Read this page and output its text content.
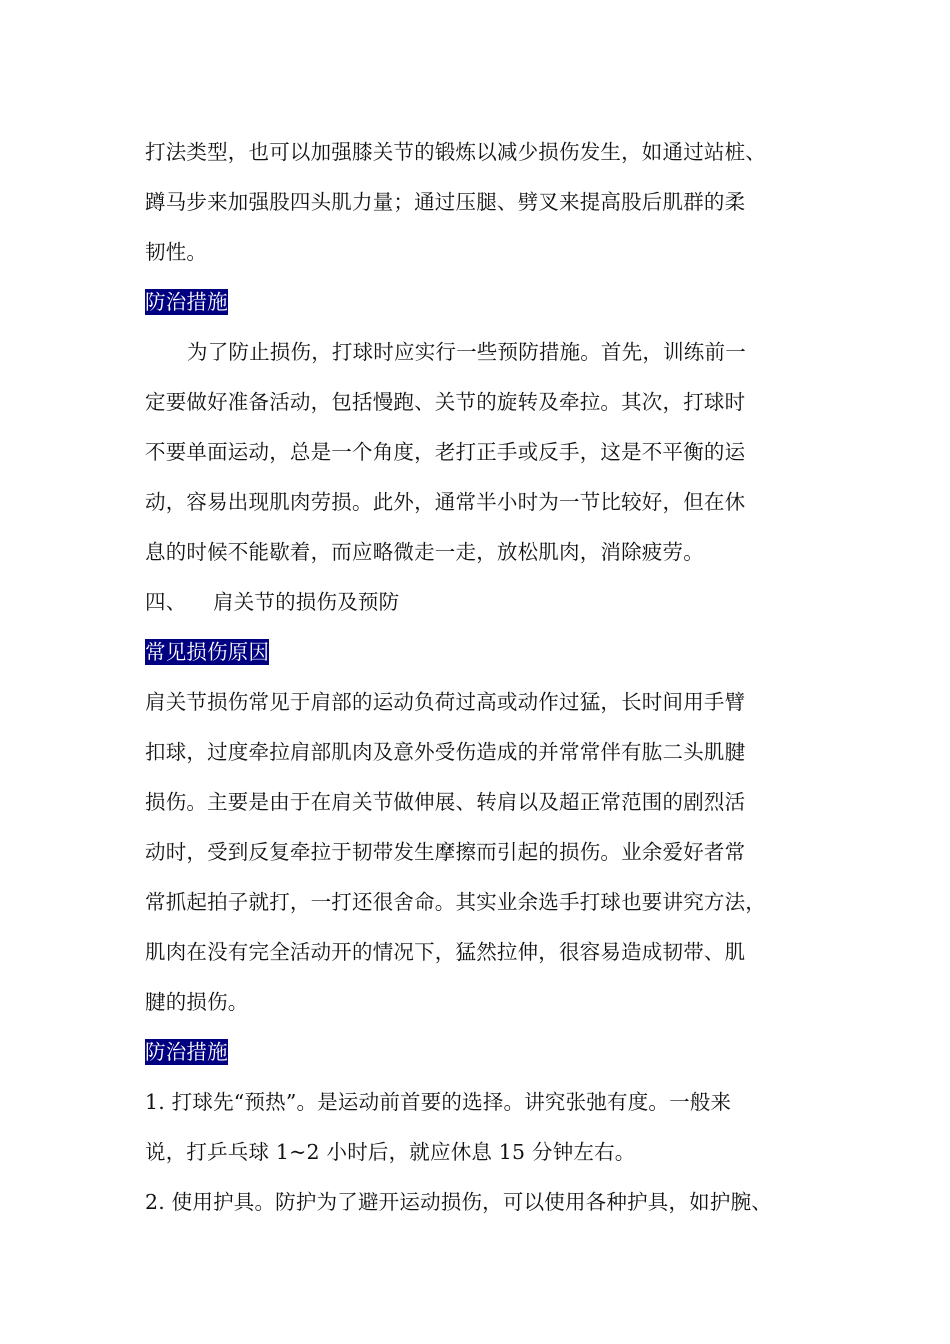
打法类型，也可以加强膝关节的锻炼以减少损伤发生，如通过站桩、
蹲马步来加强股四头肌力量；通过压腿、劈叉来提高股后肌群的柔
韧性。
防治措施
为了防止损伤，打球时应实行一些预防措施。首先，训练前一
定要做好准备活动，包括慢跑、关节的旋转及牵拉。其次，打球时
不要单面运动，总是一个角度，老打正手或反手，这是不平衡的运
动，容易出现肌肉劳损。此外，通常半小时为一节比较好，但在休
息的时候不能歇着，而应略微走一走，放松肌肉，消除疲劳。
四、 肩关节的损伤及预防
常见损伤原因
肩关节损伤常见于肩部的运动负荷过高或动作过猛，长时间用手臂
扣球，过度牵拉肩部肌肉及意外受伤造成的并常常伴有肱二头肌腱
损伤。主要是由于在肩关节做伸展、转肩以及超正常范围的剧烈活
动时，受到反复牵拉于韧带发生摩擦而引起的损伤。业余爱好者常
常抓起拍子就打，一打还很舍命。其实业余选手打球也要讲究方法，
肌肉在没有完全活动开的情况下，猛然拉伸，很容易造成韧带、肌
腱的损伤。
防治措施
1. 打球先“预热”。是运动前首要的选择。讲究张弛有度。一般来
说，打乒乓球 1~2 小时后，就应休息 15 分钟左右。
2. 使用护具。防护为了避开运动损伤，可以使用各种护具，如护腕、
